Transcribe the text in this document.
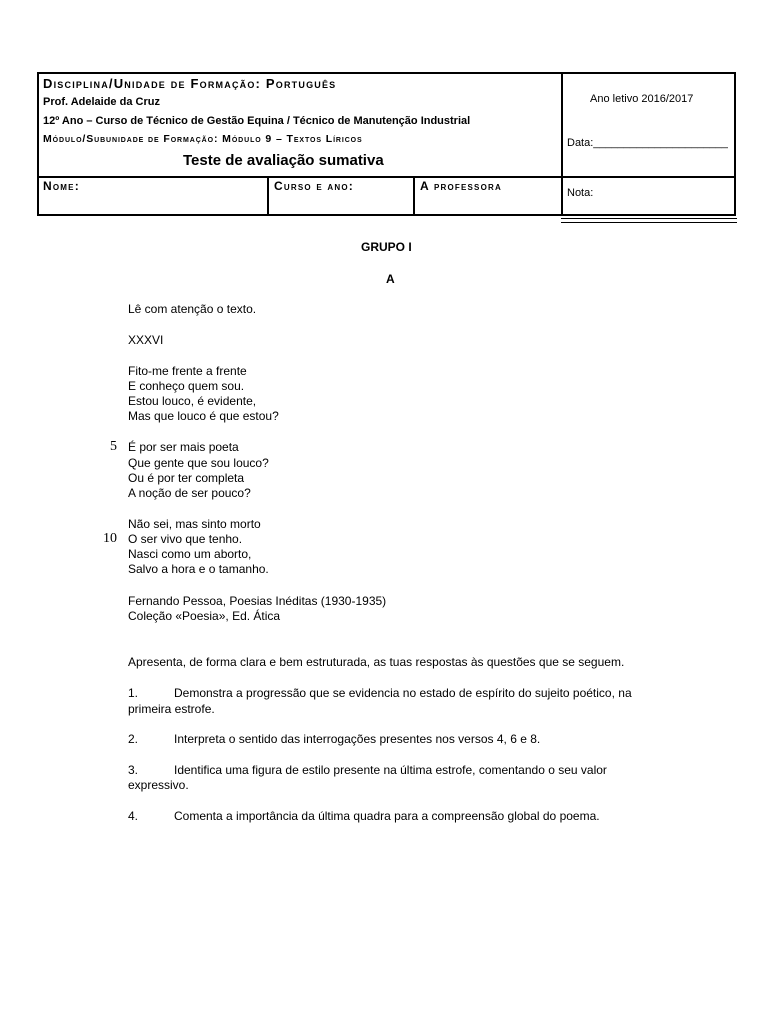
Disciplina/Unidade de Formação: Português
Prof. Adelaide da Cruz
12º Ano – Curso de Técnico de Gestão Equina / Técnico de Manutenção Industrial
Módulo/Subunidade de Formação: Módulo 9 – Textos Líricos
Teste de avaliação sumativa
Ano letivo 2016/2017
Data:______________________
Nome:	Curso e ano:	A professora	Nota:
GRUPO I
A
Lê com atenção o texto.
XXXVI
Fito-me frente a frente
E conheço quem sou.
Estou louco, é evidente,
Mas que louco é que estou?
5 É por ser mais poeta
Que gente que sou louco?
Ou é por ter completa
A noção de ser pouco?
Não sei, mas sinto morto
10 O ser vivo que tenho.
Nasci como um aborto,
Salvo a hora e o tamanho.
Fernando Pessoa, Poesias Inéditas (1930-1935)
Coleção «Poesia», Ed. Ática
Apresenta, de forma clara e bem estruturada, as tuas respostas às questões que se seguem.
1.	Demonstra a progressão que se evidencia no estado de espírito do sujeito poético, na
primeira estrofe.
2.	Interpreta o sentido das interrogações presentes nos versos 4, 6 e 8.
3.	Identifica uma figura de estilo presente na última estrofe, comentando o seu valor
expressivo.
4.	Comenta a importância da última quadra para a compreensão global do poema.
